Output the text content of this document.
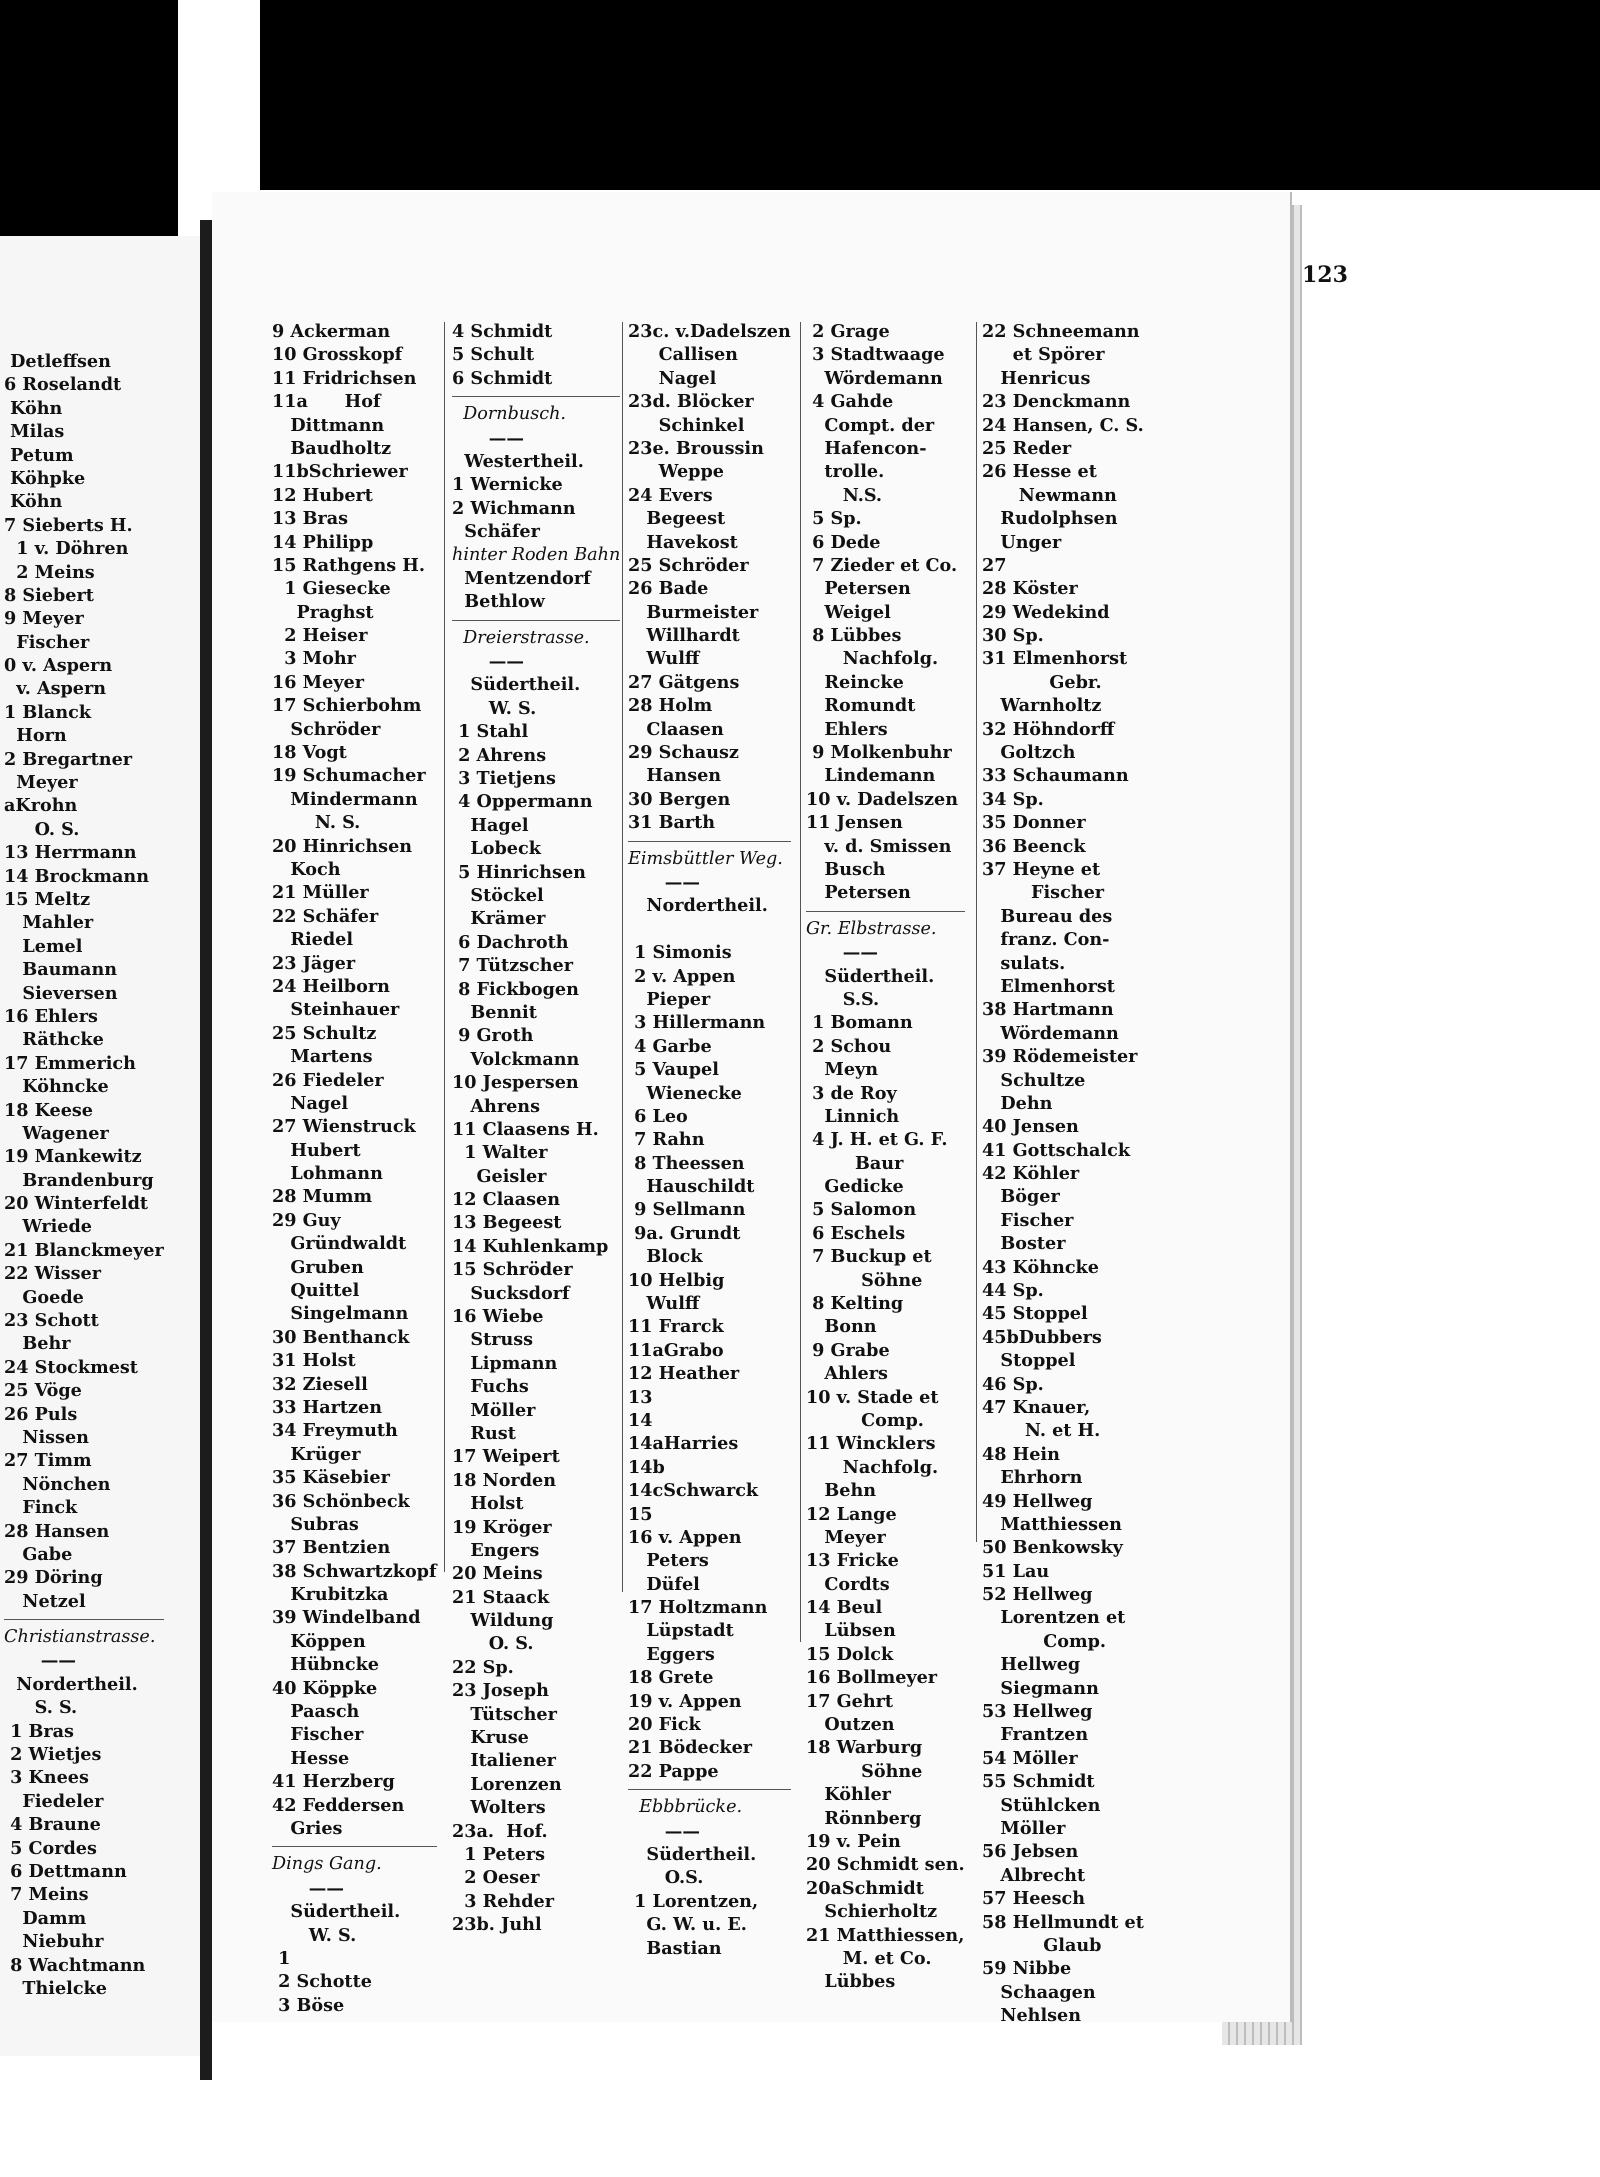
Detleffsen
6 Roselandt
Köhn
Milas
Petum
Köhpke
Köhn
7 Sieberts H.
1 v. Döhren
2 Meins
8 Siebert
9 Meyer
Fischer
0 v. Aspern
v. Aspern
1 Blanck
Horn
2 Bregartner
Meyer
aKrohn
O. S.
13 Herrmann
14 Brockmann
15 Meltz
Mahler
Lemel
Baumann
Sieversen
16 Ehlers
Räthcke
17 Emmerich
Köhncke
18 Keese
Wagener
19 Mankewitz
Brandenburg
20 Winterfeldt
Wriede
21 Blanckmeyer
22 Wisser
Goede
23 Schott
Behr
24 Stockmest
25 Vöge
26 Puls
Nissen
27 Timm
Nönchen
Finck
28 Hansen
Gabe
29 Döring
Netzel
Christianstrasse.
——
Nordertheil.
S. S.
1 Bras
2 Wietjes
3 Knees
Fiedeler
4 Braune
5 Cordes
6 Dettmann
7 Meins
Damm
Niebuhr
8 Wachtmann
Thielcke
123
9 Ackerman
10 Grosskopf
11 Fridrichsen
11a      Hof
Dittmann
Baudholtz
11bSchriewer
12 Hubert
13 Bras
14 Philipp
15 Rathgens H.
1 Giesecke
Praghst
2 Heiser
3 Mohr
16 Meyer
17 Schierbohm
Schröder
18 Vogt
19 Schumacher
Mindermann
N. S.
20 Hinrichsen
Koch
21 Müller
22 Schäfer
Riedel
23 Jäger
24 Heilborn
Steinhauer
25 Schultz
Martens
26 Fiedeler
Nagel
27 Wienstruck
Hubert
Lohmann
28 Mumm
29 Guy
Gründwaldt
Gruben
Quittel
Singelmann
30 Benthanck
31 Holst
32 Ziesell
33 Hartzen
34 Freymuth
Krüger
35 Käsebier
36 Schönbeck
Subras
37 Bentzien
38 Schwartzkopf
Krubitzka
39 Windelband
Köppen
Hübncke
40 Köppke
Paasch
Fischer
Hesse
41 Herzberg
42 Feddersen
Gries
Dings Gang.
——
Südertheil.
W. S.
1
2 Schotte
3 Böse
4 Schmidt
5 Schult
6 Schmidt
Dornbusch.
——
Westertheil.
1 Wernicke
2 Wichmann
Schäfer
hinter Roden Bahn
Mentzendorf
Bethlow
Dreierstrasse.
——
Südertheil.
W. S.
1 Stahl
2 Ahrens
3 Tietjens
4 Oppermann
Hagel
Lobeck
5 Hinrichsen
Stöckel
Krämer
6 Dachroth
7 Tützscher
8 Fickbogen
Bennit
9 Groth
Volckmann
10 Jespersen
Ahrens
11 Claasens H.
1 Walter
Geisler
12 Claasen
13 Begeest
14 Kuhlenkamp
15 Schröder
Sucksdorf
16 Wiebe
Struss
Lipmann
Fuchs
Möller
Rust
17 Weipert
18 Norden
Holst
19 Kröger
Engers
20 Meins
21 Staack
Wildung
O. S.
22 Sp.
23 Joseph
Tütscher
Kruse
Italiener
Lorenzen
Wolters
23a.  Hof.
1 Peters
2 Oeser
3 Rehder
23b. Juhl
23c. v.Dadelszen
Callisen
Nagel
23d. Blöcker
Schinkel
23e. Broussin
Weppe
24 Evers
Begeest
Havekost
25 Schröder
26 Bade
Burmeister
Willhardt
Wulff
27 Gätgens
28 Holm
Claasen
29 Schausz
Hansen
30 Bergen
31 Barth
Eimsbüttler Weg.
——
Nordertheil.
1 Simonis
2 v. Appen
Pieper
3 Hillermann
4 Garbe
5 Vaupel
Wienecke
6 Leo
7 Rahn
8 Theessen
Hauschildt
9 Sellmann
9a. Grundt
Block
10 Helbig
Wulff
11 Frarck
11aGrabo
12 Heather
13
14
14aHarries
14b
14cSchwarck
15
16 v. Appen
Peters
Düfel
17 Holtzmann
Lüpstadt
Eggers
18 Grete
19 v. Appen
20 Fick
21 Bödecker
22 Pappe
Ebbbrücke.
——
Südertheil.
O.S.
1 Lorentzen,
G. W. u. E.
Bastian
2 Grage
3 Stadtwaage
Wördemann
4 Gahde
Compt. der
Hafencon-
trolle.
N.S.
5 Sp.
6 Dede
7 Zieder et Co.
Petersen
Weigel
8 Lübbes
Nachfolg.
Reincke
Romundt
Ehlers
9 Molkenbuhr
Lindemann
10 v. Dadelszen
11 Jensen
v. d. Smissen
Busch
Petersen
Gr. Elbstrasse.
——
Südertheil.
S.S.
1 Bomann
2 Schou
Meyn
3 de Roy
Linnich
4 J. H. et G. F.
Baur
Gedicke
5 Salomon
6 Eschels
7 Buckup et
Söhne
8 Kelting
Bonn
9 Grabe
Ahlers
10 v. Stade et
Comp.
11 Wincklers
Nachfolg.
Behn
12 Lange
Meyer
13 Fricke
Cordts
14 Beul
Lübsen
15 Dolck
16 Bollmeyer
17 Gehrt
Outzen
18 Warburg
Söhne
Köhler
Rönnberg
19 v. Pein
20 Schmidt sen.
20aSchmidt
Schierholtz
21 Matthiessen,
M. et Co.
Lübbes
22 Schneemann
et Spörer
Henricus
23 Denckmann
24 Hansen, C. S.
25 Reder
26 Hesse et
Newmann
Rudolphsen
Unger
27
28 Köster
29 Wedekind
30 Sp.
31 Elmenhorst
Gebr.
Warnholtz
32 Höhndorff
Goltzch
33 Schaumann
34 Sp.
35 Donner
36 Beenck
37 Heyne et
Fischer
Bureau des
franz. Con-
sulats.
Elmenhorst
38 Hartmann
Wördemann
39 Rödemeister
Schultze
Dehn
40 Jensen
41 Gottschalck
42 Köhler
Böger
Fischer
Boster
43 Köhncke
44 Sp.
45 Stoppel
45bDubbers
Stoppel
46 Sp.
47 Knauer,
N. et H.
48 Hein
Ehrhorn
49 Hellweg
Matthiessen
50 Benkowsky
51 Lau
52 Hellweg
Lorentzen et
Comp.
Hellweg
Siegmann
53 Hellweg
Frantzen
54 Möller
55 Schmidt
Stühlcken
Möller
56 Jebsen
Albrecht
57 Heesch
58 Hellmundt et
Glaub
59 Nibbe
Schaagen
Nehlsen
